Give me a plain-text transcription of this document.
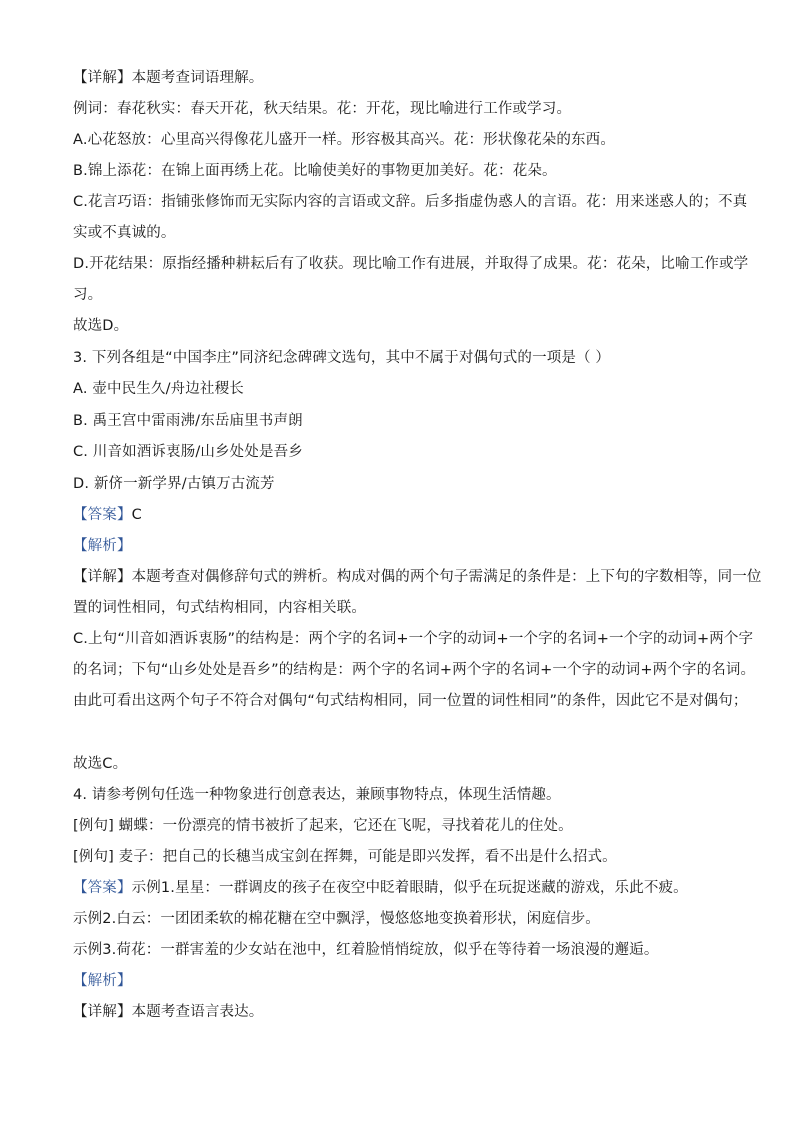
【详解】本题考查词语理解。
例词：春花秋实：春天开花，秋天结果。花：开花，现比喻进行工作或学习。
A.心花怒放：心里高兴得像花儿盛开一样。形容极其高兴。花：形状像花朵的东西。
B.锦上添花：在锦上面再绣上花。比喻使美好的事物更加美好。花：花朵。
C.花言巧语：指铺张修饰而无实际内容的言语或文辞。后多指虚伪惑人的言语。花：用来迷惑人的；不真
实或不真诚的。
D.开花结果：原指经播种耕耘后有了收获。现比喻工作有进展，并取得了成果。花：花朵，比喻工作或学
习。
故选D。
3. 下列各组是“中国李庄”同济纪念碑碑文选句，其中不属于对偶句式的一项是（ ）
A. 壶中民生久/舟边社稷长
B. 禹王宫中雷雨沸/东岳庙里书声朗
C. 川音如酒诉衷肠/山乡处处是吾乡
D. 新侪一新学界/古镇万古流芳
【答案】C
【解析】
【详解】本题考查对偶修辞句式的辨析。构成对偶的两个句子需满足的条件是：上下句的字数相等，同一位
置的词性相同，句式结构相同，内容相关联。
C.上句“川音如酒诉衷肠”的结构是：两个字的名词+一个字的动词+一个字的名词+一个字的动词+两个字
的名词；下句“山乡处处是吾乡”的结构是：两个字的名词+两个字的名词+一个字的动词+两个字的名词。
由此可看出这两个句子不符合对偶句“句式结构相同，同一位置的词性相同”的条件，因此它不是对偶句；
故选C。
4. 请参考例句任选一种物象进行创意表达，兼顾事物特点，体现生活情趣。
[例句] 蝴蝶：一份漂亮的情书被折了起来，它还在飞呢，寻找着花儿的住处。
[例句] 麦子：把自己的长穗当成宝剑在挥舞，可能是即兴发挥，看不出是什么招式。
【答案】示例1.星星：一群调皮的孩子在夜空中眨着眼睛，似乎在玩捉迷藏的游戏，乐此不疲。
示例2.白云：一团团柔软的棉花糖在空中飘浮，慢悠悠地变换着形状，闲庭信步。
示例3.荷花：一群害羞的少女站在池中，红着脸悄悄绽放，似乎在等待着一场浪漫的邂逅。
【解析】
【详解】本题考查语言表达。
